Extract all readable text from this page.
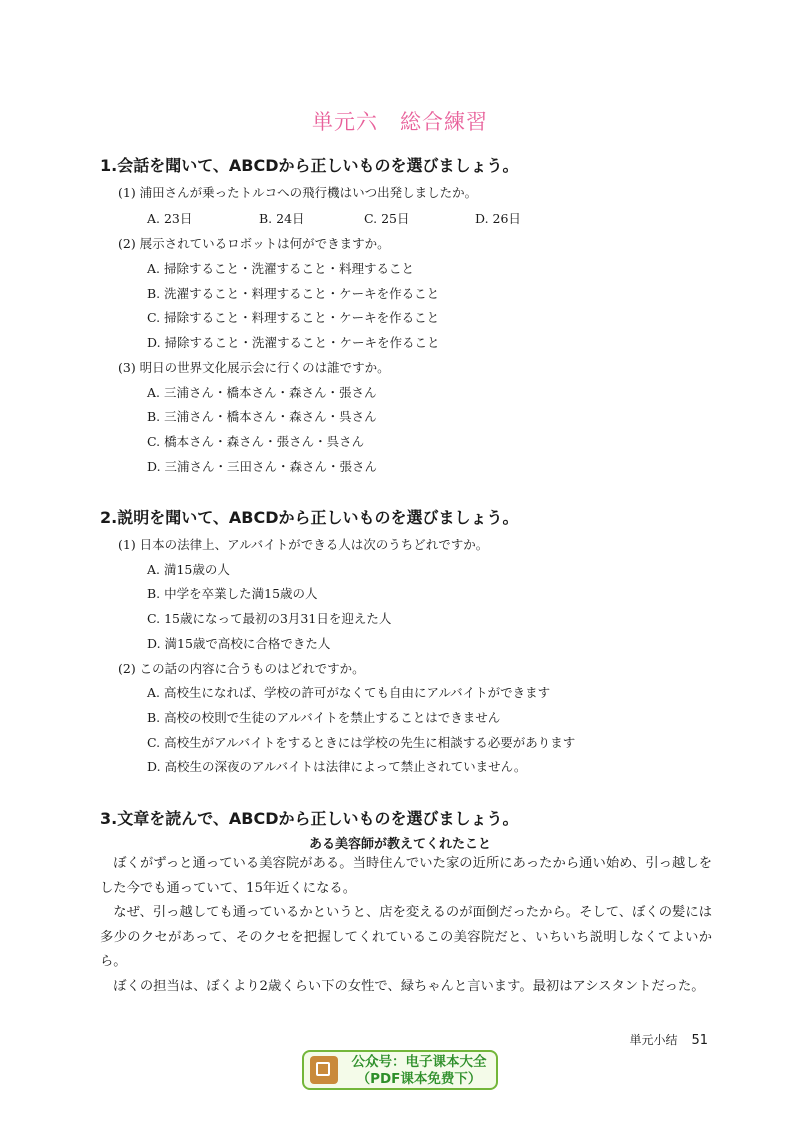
単元六　総合練習
1.会話を聞いて、ABCDから正しいものを選びましょう。
(1) 浦田さんが乗ったトルコへの飛行機はいつ出発しましたか。
A. 23日	B. 24日	C. 25日	D. 26日
(2) 展示されているロボットは何ができますか。
A. 掃除すること・洗濯すること・料理すること
B. 洗濯すること・料理すること・ケーキを作ること
C. 掃除すること・料理すること・ケーキを作ること
D. 掃除すること・洗濯すること・ケーキを作ること
(3) 明日の世界文化展示会に行くのは誰ですか。
A. 三浦さん・橋本さん・森さん・張さん
B. 三浦さん・橋本さん・森さん・呉さん
C. 橋本さん・森さん・張さん・呉さん
D. 三浦さん・三田さん・森さん・張さん
2.説明を聞いて、ABCDから正しいものを選びましょう。
(1) 日本の法律上、アルバイトができる人は次のうちどれですか。
A. 満15歳の人
B. 中学を卒業した満15歳の人
C. 15歳になって最初の3月31日を迎えた人
D. 満15歳で高校に合格できた人
(2) この話の内容に合うものはどれですか。
A. 高校生になれば、学校の許可がなくても自由にアルバイトができます
B. 高校の校則で生徒のアルバイトを禁止することはできません
C. 高校生がアルバイトをするときには学校の先生に相談する必要があります
D. 高校生の深夜のアルバイトは法律によって禁止されていません。
3.文章を読んで、ABCDから正しいものを選びましょう。
ある美容師が教えてくれたこと

ぼくがずっと通っている美容院がある。当時住んでいた家の近所にあったから通い始め、引っ越しをした今でも通っていて、15年近くになる。

なぜ、引っ越しても通っているかというと、店を変えるのが面倒だったから。そして、ぼくの髪には多少のクセがあって、そのクセを把握してくれているこの美容院だと、いちいち説明しなくてよいから。

ぼくの担当は、ぼくより2歳くらい下の女性で、緑ちゃんと言います。最初はアシスタントだった。

単元小结 51
公众号：电子课本大全
（PDF课本免费下）
